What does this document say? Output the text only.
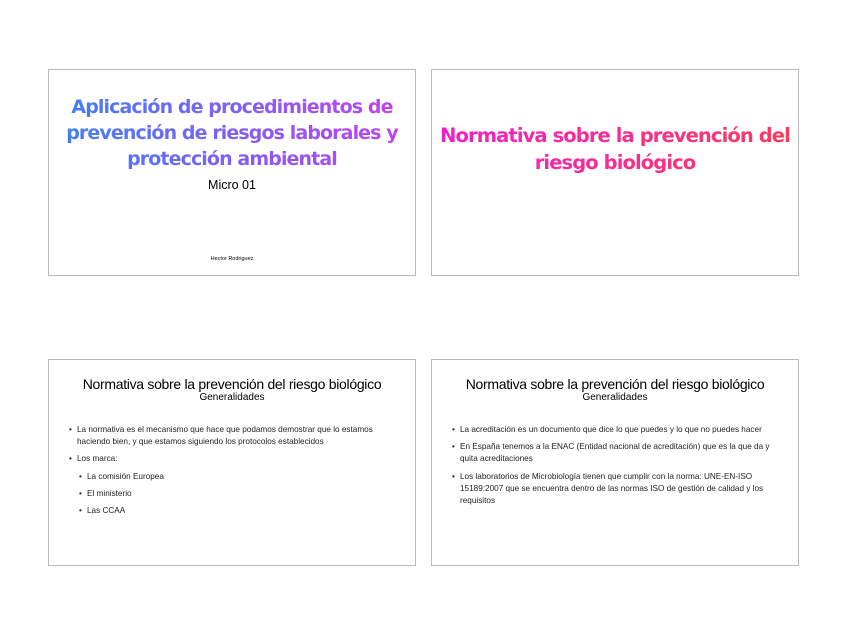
Aplicación de procedimientos de prevención de riesgos laborales y protección ambiental
Micro 01
Hector Rodriguez
Normativa sobre la prevención del riesgo biológico
Normativa sobre la prevención del riesgo biológico
Generalidades
• La normativa es el mecanismo que hace que podamos demostrar que lo estamos haciendo bien, y que estamos siguiendo los protocolos establecidos
• Los marca:
• La comisión Europea
• El ministerio
• Las CCAA
Normativa sobre la prevención del riesgo biológico
Generalidades
• La acreditación es un documento que dice lo que puedes y lo que no puedes hacer
• En España tenemos a la ENAC (Entidad nacional de acreditación) que es la que da y quita acreditaciones
• Los laboratorios de Microbiología tienen que cumplir con la norma: UNE-EN-ISO 15189:2007 que se encuentra dentro de las normas ISO de gestión de calidad y los requisitos
